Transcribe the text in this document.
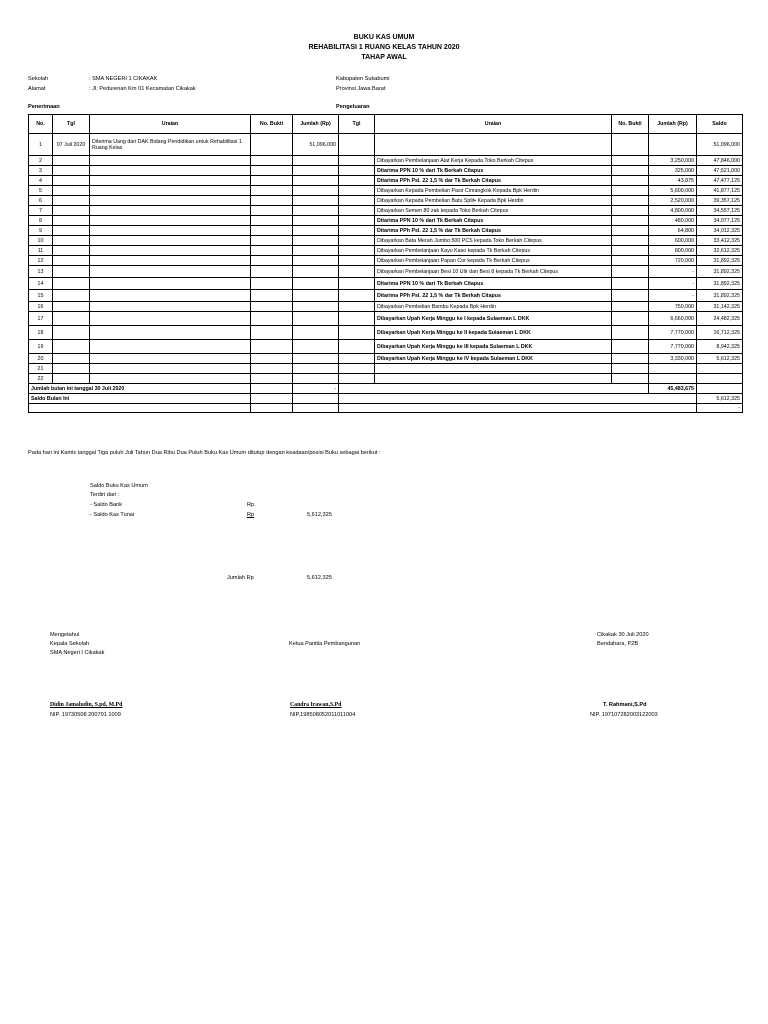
BUKU KAS UMUM
REHABILITASI 1 RUANG KELAS TAHUN 2020
TAHAP AWAL
Sekolah	: SMA NEGERI 1 CIKAKAK
Alamat	: Jl. Pedurenan Km 01 Kecamatan Cikakak
Kabupaten Sukabumi
Provinsi Jawa Barat
Penerimaan	Pengeluaran
No.	Tgl	Uraian	No. Bukti	Jumlah (Rp)	Tgl	Uraian	No. Bukti	Jumlah (Rp)	Saldo
1	07 Juli 2020	Diterima Uang dari DAK Bidang Pendidikan untuk Rehabilitasi 1 Ruang Kelas		51,096,000					51,096,000
2						Dibayarkan Pembelanjaan Alat Kerja Kepada Toko Berkah Citepus		3,250,000	47,846,000
3						Ditarima PPN 10 % dari Tk Berkah Citapus		325,000	47,521,000
4						Ditarima PPh Psl. 22 1,5 % dar Tk Berkah Citapus		43,875	47,477,125
5						Dibayarkan Kepada Pembelian Pasir Cimangkok Kepada Bpk Herdin		5,600,000	41,877,125
6						Dibayarkan Kepada Pembelian Batu Split▪ Kepada Bpk Herdin		2,520,000	39,357,125
7						Dibayarkan Semen 80 zak kepada Toko Berkah Citepus		4,800,000	34,557,125
8						Ditarima PPN 10 % dari Tk Berkah Citapus		480,000	34,077,125
9						Ditarima PPh Psl. 22 1,5 % dar Tk Berkah Citapus		64,800	34,012,325
10						Dibayarkan Bata Merah Jumbo 500 PCS kepada Toko Berkah Citepus		600,000	33,412,325
11						Dibayarkan Pembelanjaan Kayu Kaso kepada Tk Berkah Citepus		800,000	32,612,325
12						Dibayarkan Pembelanjaan Papan Cor kepada Tk Berkah Citepus		720,000	31,892,325
13						Dibayarkan Pembelanjaan Besi 10 Ulir dan Besi 8 kepada Tk Berkah Citepus		-	31,892,325
14						Ditarima PPN 10 % dari Tk Berkah Citapus		-	31,892,325
15						Ditarima PPh Psl. 22 1,5 % dar Tk Berkah Citapus		-	31,892,325
16						Dibayarkan Pembelian Bambu Kepada Bpk Herdin		750,000	31,142,325
17						Dibayarkan Upah Kerja Minggu ke I kepada Sulaeman L DKK		6,660,000	24,482,325
18						Dibayarkan Upah Kerja Minggu ke II kepada Sulaeman L DKK		7,770,000	16,712,325
19						Dibayarkan Upah Kerja Minggu ke III kepada Sulaeman L DKK		7,770,000	8,942,325
20						Dibayarkan Upah Kerja Minggu ke IV kepada Sulaeman L DKK		3,330,000	5,612,325
21									
22									
Jumlah bulan ini tanggal 30 Juli 2020				-				45,483,675	
Saldo Bulan Ini									5,612,325
									-
Pada hari ini Kamis tanggal Tiga puluh Juli Tahun Dua Ribu Dua Puluh Buku Kas Umum ditutup dengan keadaan/posisi Buku sebagai berikut :
Saldo Buku Kas Umum
Terdiri dari :
- Saldo Bank	Rp.
- Saldo Kas Tunai	Rp	5,612,325
Jumlah Rp	5,612,325
Mengetahui
Kepala Sekolah
SMA Negeri I Cikakak
Didin Jamaludin, S.pd, M.Pd
NIP. 19730508 200701 1009
Ketua Panitia Pembangunan
Candra Irawan,S.Pd
NIP.198508052011011004
Cikakak 30 Juli 2020
Bendahara, P2B
T. Rahmani,S.Pd
NIP. 197107282003122003
